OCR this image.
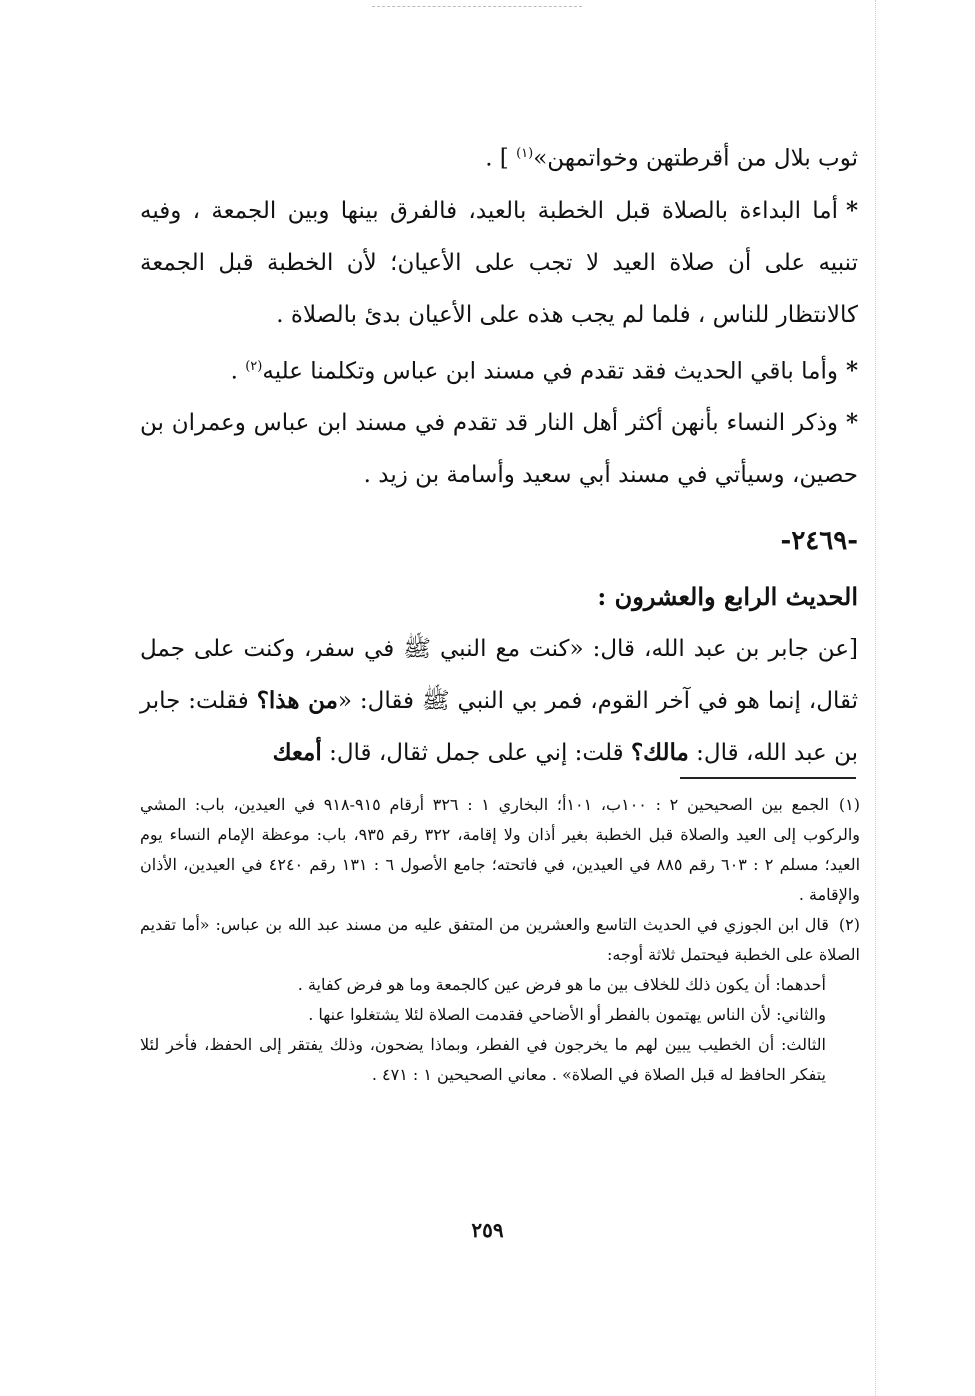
ثوب بلال من أقرطتهن وخواتمهن»$^{(١)}$ ] .

*أما البداءة بالصلاة قبل الخطبة بالعيد، فالفرق بينها وبين الجمعة ، وفيه تنبيه على أن صلاة العيد لا تجب على الأعيان؛ لأن الخطبة قبل الجمعة كالانتظار للناس ، فلما لم يجب هذه على الأعيان بدئ بالصلاة .

*وأما باقي الحديث فقد تقدم في مسند ابن عباس وتكلمنا عليه$^{(٢)}$ .

*وذكر النساء بأنهن أكثر أهل النار قد تقدم في مسند ابن عباس وعمران بن حصين، وسيأتي في مسند أبي سعيد وأسامة بن زيد .

-٢٤٦٩-

الحديث الرابع والعشرون :

[عن جابر بن عبد الله، قال: «كنت مع النبي ﷺ في سفر، وكنت على جمل ثقال، إنما هو في آخر القوم، فمر بي النبي ﷺ فقال: «من هذا؟ فقلت: جابر بن عبد الله، قال: مالك؟ قلت: إني على جمل ثقال، قال: أمعك

(١)الجمع بين الصحيحين ٢ : ١٠٠ب، ١٠١أ؛ البخاري ١ : ٣٢٦ أرقام ٩١٥-٩١٨ في العيدين، باب: المشي والركوب إلى العيد والصلاة قبل الخطبة بغير أذان ولا إقامة، ٣٢٢ رقم ٩٣٥، باب: موعظة الإمام النساء يوم العيد؛ مسلم ٢ : ٦٠٣ رقم ٨٨٥ في العيدين، في فاتحته؛ جامع الأصول ٦ : ١٣١ رقم ٤٢٤٠ في العيدين، الأذان والإقامة .

(٢)قال ابن الجوزي في الحديث التاسع والعشرين من المتفق عليه من مسند عبد الله بن عباس: «أما تقديم الصلاة على الخطبة فيحتمل ثلاثة أوجه:

أحدهما: أن يكون ذلك للخلاف بين ما هو فرض عين كالجمعة وما هو فرض كفاية .

والثاني: لأن الناس يهتمون بالفطر أو الأضاحي فقدمت الصلاة لئلا يشتغلوا عنها .

الثالث: أن الخطيب يبين لهم ما يخرجون في الفطر، وبماذا يضحون، وذلك يفتقر إلى الحفظ، فأخر لئلا يتفكر الحافظ له قبل الصلاة في الصلاة» . معاني الصحيحين ١ : ٤٧١ .

٢٥٩
